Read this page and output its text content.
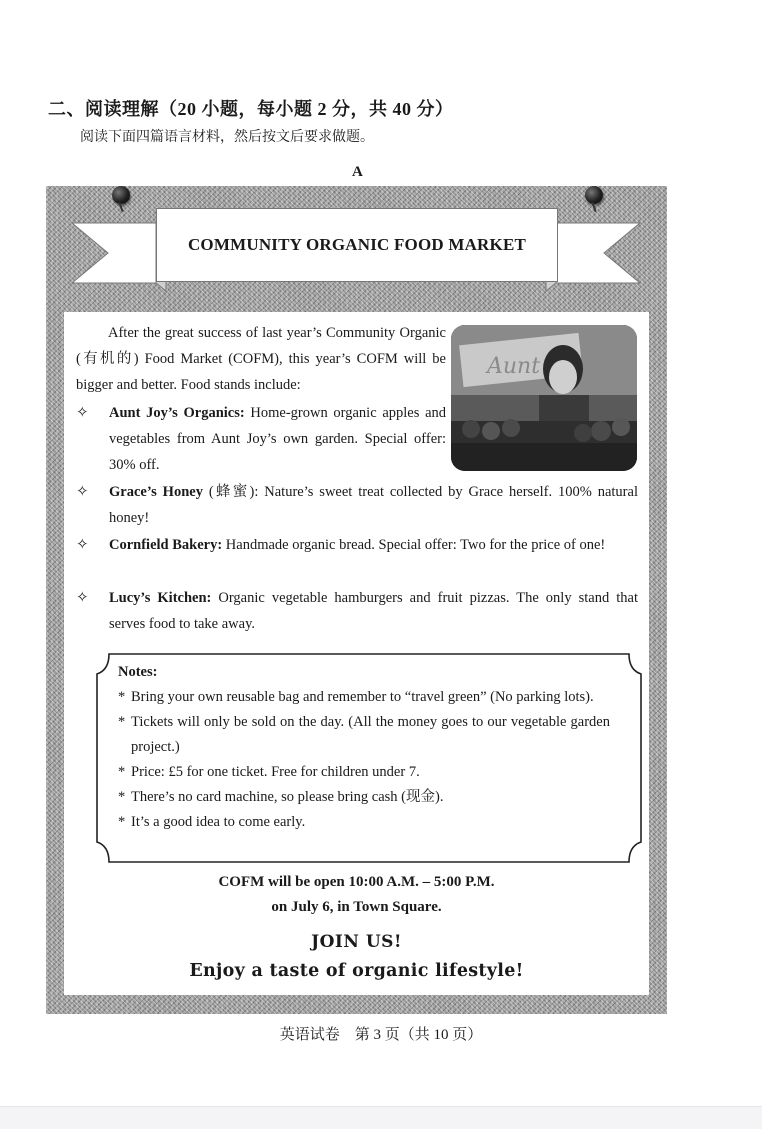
二、阅读理解（20 小题，每小题 2 分，共 40 分）
阅读下面四篇语言材料，然后按文后要求做题。
A
COMMUNITY ORGANIC FOOD MARKET
After the great success of last year’s Community Organic (有机的) Food Market (COFM), this year’s COFM will be bigger and better. Food stands include:
Aunt
✧	Aunt Joy’s Organics: Home-grown organic apples and vegetables from Aunt Joy’s own garden. Special offer: 30% off.
✧	Grace’s Honey (蜂蜜): Nature’s sweet treat collected by Grace herself. 100% natural honey!
✧	Cornfield Bakery: Handmade organic bread. Special offer: Two for the price of one!
✧	Lucy’s Kitchen: Organic vegetable hamburgers and fruit pizzas. The only stand that serves food to take away.
Notes:
* Bring your own reusable bag and remember to “travel green” (No parking lots).
* Tickets will only be sold on the day. (All the money goes to our vegetable garden project.)
* Price: £5 for one ticket. Free for children under 7.
* There’s no card machine, so please bring cash (现金).
* It’s a good idea to come early.
COFM will be open 10:00 A.M. – 5:00 P.M.
on July 6, in Town Square.
JOIN US!
Enjoy a taste of organic lifestyle!
英语试卷　第 3 页（共 10 页）
